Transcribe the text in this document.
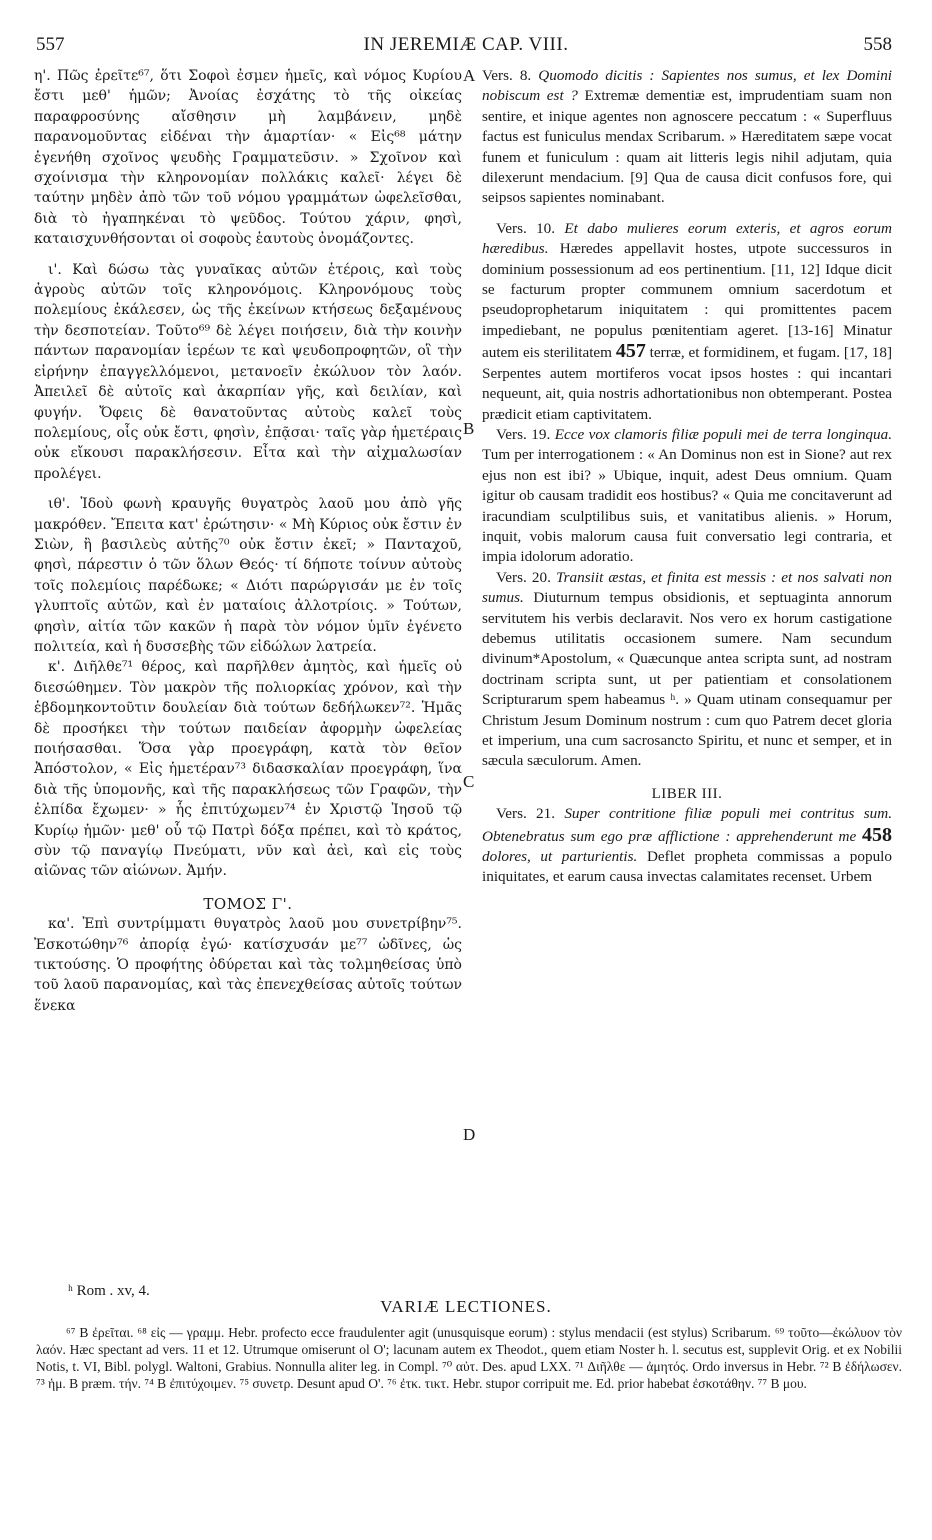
557	IN JEREMIÆ CAP. VIII.	558
A
B
C
D

η'. Πῶς ἐρεῖτε⁶⁷, ὅτι Σοφοὶ ἐσμεν ἡμεῖς, καὶ νόμος Κυρίου ἔστι μεθ' ἡμῶν; Ἀνοίας ἐσχάτης τὸ τῆς οἰκείας παραφροσύνης αἴσθησιν μὴ λαμβάνειν, μηδὲ παρανομοῦντας εἰδέναι τὴν ἁμαρτίαν· « Εἰς⁶⁸ μάτην ἐγενήθη σχοῖνος ψευδὴς Γραμματεῦσιν. » Σχοῖνον καὶ σχοίνισμα τὴν κληρονομίαν πολλάκις καλεῖ· λέγει δὲ ταύτην μηδὲν ἀπὸ τῶν τοῦ νόμου γραμμάτων ὠφελεῖσθαι, διὰ τὸ ἠγαπηκέναι τὸ ψεῦδος. Τούτου χάριν, φησὶ, καταισχυνθήσονται οἱ σοφοὺς ἑαυτοὺς ὀνομάζοντες.

ι'. Καὶ δώσω τὰς γυναῖκας αὐτῶν ἑτέροις, καὶ τοὺς ἀγροὺς αὐτῶν τοῖς κληρονόμοις. Κληρονόμους τοὺς πολεμίους ἐκάλεσεν, ὡς τῆς ἐκείνων κτήσεως δεξαμένους τὴν δεσποτείαν. Τοῦτο⁶⁹ δὲ λέγει ποιήσειν, διὰ τὴν κοινὴν πάντων παρανομίαν ἱερέων τε καὶ ψευδοπροφητῶν, οἳ τὴν εἰρήνην ἐπαγγελλόμενοι, μετανοεῖν ἐκώλυον τὸν λαόν. Ἀπειλεῖ δὲ αὐτοῖς καὶ ἀκαρπίαν γῆς, καὶ δειλίαν, καὶ φυγήν. Ὄφεις δὲ θανατοῦντας αὐτοὺς καλεῖ τοὺς πολεμίους, οἷς οὐκ ἔστι, φησὶν, ἐπᾷσαι· ταῖς γὰρ ἡμετέραις οὐκ εἴκουσι παρακλήσεσιν. Εἶτα καὶ τὴν αἰχμαλωσίαν προλέγει.

ιθ'. Ἰδοὺ φωνὴ κραυγῆς θυγατρὸς λαοῦ μου ἀπὸ γῆς μακρόθεν. Ἔπειτα κατ' ἐρώτησιν· « Μὴ Κύριος οὐκ ἔστιν ἐν Σιὼν, ἢ βασιλεὺς αὐτῆς⁷⁰ οὐκ ἔστιν ἐκεῖ; » Πανταχοῦ, φησὶ, πάρεστιν ὁ τῶν ὅλων Θεός· τί δήποτε τοίνυν αὐτοὺς τοῖς πολεμίοις παρέδωκε; « Διότι παρώργισάν με ἐν τοῖς γλυπτοῖς αὐτῶν, καὶ ἐν ματαίοις ἀλλοτρίοις. » Τούτων, φησὶν, αἰτία τῶν κακῶν ἡ παρὰ τὸν νόμον ὑμῖν ἐγένετο πολιτεία, καὶ ἡ δυσσεβὴς τῶν εἰδώλων λατρεία.

κ'. Διῆλθε⁷¹ θέρος, καὶ παρῆλθεν ἀμητὸς, καὶ ἡμεῖς οὐ διεσώθημεν. Τὸν μακρὸν τῆς πολιορκίας χρόνον, καὶ τὴν ἑβδομηκοντοῦτιν δουλείαν διὰ τούτων δεδήλωκεν⁷². Ἡμᾶς δὲ προσήκει τὴν τούτων παιδείαν ἀφορμὴν ὠφελείας ποιήσασθαι. Ὅσα γὰρ προεγράφη, κατὰ τὸν θεῖον Ἀπόστολον, « Εἰς ἡμετέραν⁷³ διδασκαλίαν προεγράφη, ἵνα διὰ τῆς ὑπομονῆς, καὶ τῆς παρακλήσεως τῶν Γραφῶν, τὴν ἐλπίδα ἔχωμεν· » ἧς ἐπιτύχωμεν⁷⁴ ἐν Χριστῷ Ἰησοῦ τῷ Κυρίῳ ἡμῶν· μεθ' οὗ τῷ Πατρὶ δόξα πρέπει, καὶ τὸ κράτος, σὺν τῷ παναγίῳ Πνεύματι, νῦν καὶ ἀεὶ, καὶ εἰς τοὺς αἰῶνας τῶν αἰώνων. Ἀμήν.

ΤΟΜΟΣ Γ'.

κα'. Ἐπὶ συντρίμματι θυγατρὸς λαοῦ μου συνετρίβην⁷⁵. Ἐσκοτώθην⁷⁶ ἀπορίᾳ ἐγώ· κατίσχυσάν με⁷⁷ ὠδῖνες, ὡς τικτούσης. Ὁ προφήτης ὀδύρεται καὶ τὰς τολμηθείσας ὑπὸ τοῦ λαοῦ παρανομίας, καὶ τὰς ἐπενεχθείσας αὐτοῖς τούτων ἕνεκα

Vers. 8. Quomodo dicitis : Sapientes nos sumus, et lex Domini nobiscum est ? Extremæ dementiæ est, imprudentiam suam non sentire, et inique agentes non agnoscere peccatum : « Superfluus factus est funiculus mendax Scribarum. » Hæreditatem sæpe vocat funem et funiculum : quam ait litteris legis nihil adjutam, quia dilexerunt mendacium. [9] Qua de causa dicit confusos fore, qui seipsos sapientes nominabant.

Vers. 10. Et dabo mulieres eorum exteris, et agros eorum hæredibus. Hæredes appellavit hostes, utpote successuros in dominium possessionum ad eos pertinentium. [11, 12] Idque dicit se facturum propter communem omnium sacerdotum et pseudoprophetarum iniquitatem : qui promittentes pacem impediebant, ne populus pœnitentiam ageret. [13-16] Minatur autem eis sterilitatem 457 terræ, et formidinem, et fugam. [17, 18] Serpentes autem mortiferos vocat ipsos hostes : qui incantari nequeunt, ait, quia nostris adhortationibus non obtemperant. Postea prædicit etiam captivitatem.

Vers. 19. Ecce vox clamoris filiæ populi mei de terra longinqua. Tum per interrogationem : « An Dominus non est in Sione? aut rex ejus non est ibi? » Ubique, inquit, adest Deus omnium. Quam igitur ob causam tradidit eos hostibus? « Quia me concitaverunt ad iracundiam sculptilibus suis, et vanitatibus alienis. » Horum, inquit, vobis malorum causa fuit conversatio legi contraria, et impia idolorum adoratio.

Vers. 20. Transiit æstas, et finita est messis : et nos salvati non sumus. Diuturnum tempus obsidionis, et septuaginta annorum servitutem his verbis declaravit. Nos vero ex horum castigatione debemus utilitatis occasionem sumere. Nam secundum divinum*Apostolum, « Quæcunque antea scripta sunt, ad nostram doctrinam scripta sunt, ut per patientiam et consolationem Scripturarum spem habeamus ʰ. » Quam utinam consequamur per Christum Jesum Dominum nostrum : cum quo Patrem decet gloria et imperium, una cum sacrosancto Spiritu, et nunc et semper, et in sæcula sæculorum. Amen.

LIBER III.

Vers. 21. Super contritione filiæ populi mei contritus sum. Obtenebratus sum ego præ afflictione : apprehenderunt me 458 dolores, ut parturientis. Deflet propheta commissas a populo iniquitates, et earum causa invectas calamitates recenset. Urbem

ʰ Rom . xv, 4.
VARIÆ LECTIONES.

⁶⁷ B ἐρεῖται. ⁶⁸ εἰς — γραμμ. Hebr. profecto ecce fraudulenter agit (unusquisque eorum) : stylus mendacii (est stylus) Scribarum. ⁶⁹ τοῦτο—ἐκώλυον τὸν λαόν. Hæc spectant ad vers. 11 et 12. Utrumque omiserunt ol O'; lacunam autem ex Theodot., quem etiam Noster h. l. secutus est, supplevit Orig. et ex Nobilii Notis, t. VI, Bibl. polygl. Waltoni, Grabius. Nonnulla aliter leg. in Compl. ⁷⁰ αὐτ. Des. apud LXX. ⁷¹ Διῆλθε — ἀμητός. Ordo inversus in Hebr. ⁷² B ἐδήλωσεν. ⁷³ ἡμ. B præm. τήν. ⁷⁴ B ἐπιτύχοιμεν. ⁷⁵ συνετρ. Desunt apud O'. ⁷⁶ ἐτκ. τικτ. Hebr. stupor corripuit me. Ed. prior habebat ἐσκοτάθην. ⁷⁷ B μου.
